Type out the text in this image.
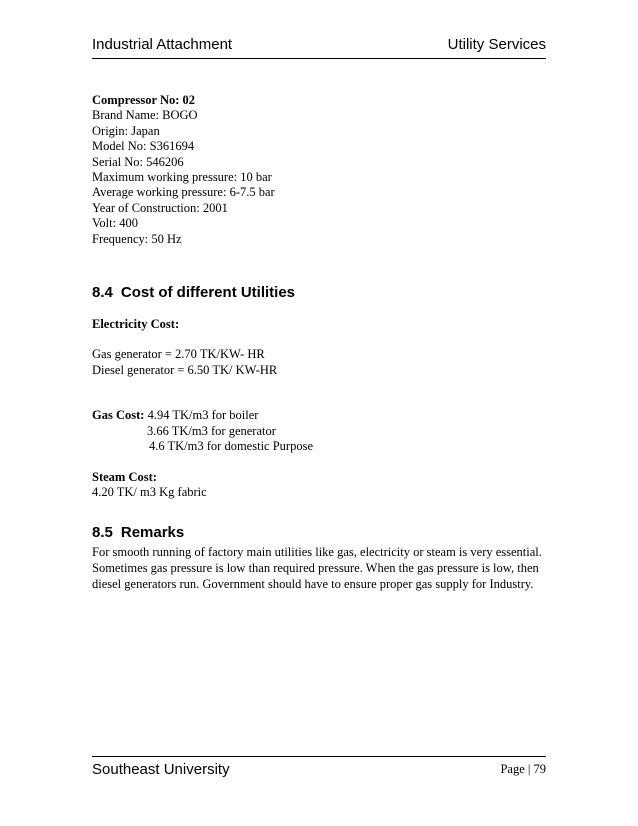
Industrial Attachment	Utility Services
Compressor No: 02
Brand Name: BOGO
Origin: Japan
Model No: S361694
Serial No: 546206
Maximum working pressure: 10 bar
Average working pressure: 6-7.5 bar
Year of Construction: 2001
Volt: 400
Frequency: 50 Hz
8.4 Cost of different Utilities
Electricity Cost:
Gas generator = 2.70 TK/KW- HR
Diesel generator = 6.50 TK/ KW-HR
Gas Cost: 4.94 TK/m3 for boiler
3.66 TK/m3 for generator
4.6 TK/m3 for domestic Purpose
Steam Cost:
4.20 TK/ m3 Kg fabric
8.5 Remarks
For smooth running of factory main utilities like gas, electricity or steam is very essential.
Sometimes gas pressure is low than required pressure. When the gas pressure is low, then
diesel generators run. Government should have to ensure proper gas supply for Industry.
Southeast University	Page | 79
